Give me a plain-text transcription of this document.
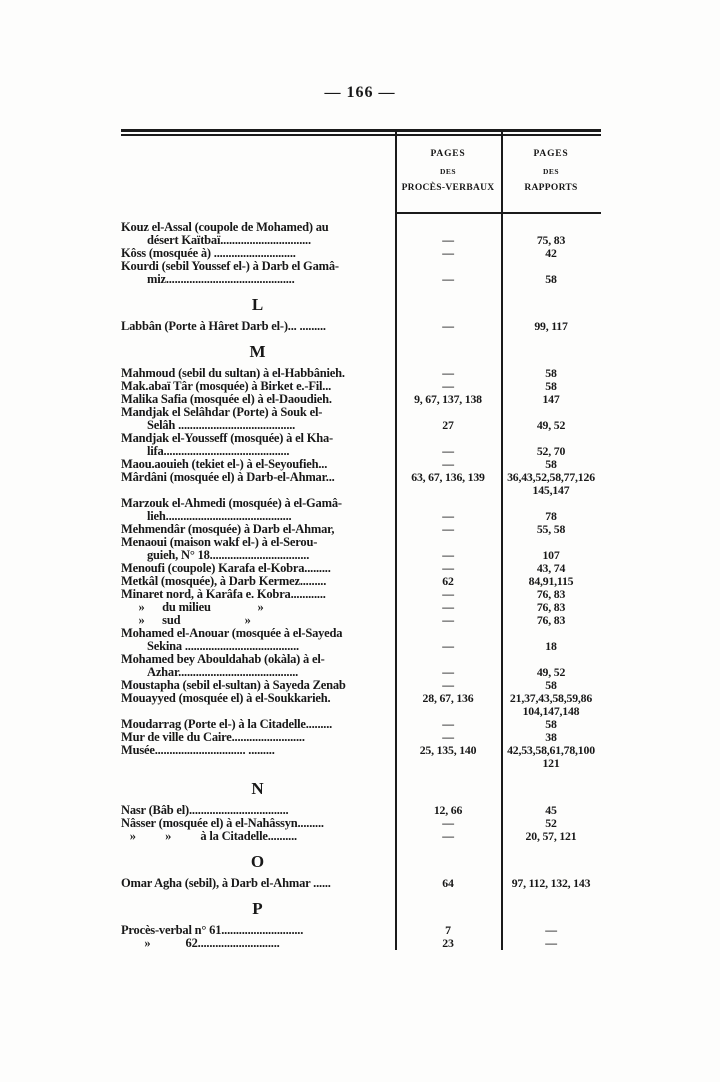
— 166 —
PAGES
DES
PROCÈS-VERBAUX
PAGES
DES
RAPPORTS
Kouz el-Assal (coupole de Mohamed) au
désert Kaïtbaï...............................	—	75, 83
Kôss (mosquée à) ............................	—	42
Kourdi (sebil Youssef el-) à Darb el Gamâ-
miz............................................	—	58
L
Labbân (Porte à Hâret Darb el-)... .........	—	99, 117
M
Mahmoud (sebil du sultan) à el-Habbânieh.	—	58
Mak.abaï Târ (mosquée) à Birket e.-Fil...	—	58
Malika Safia (mosquée el) à el-Daoudieh.	9, 67, 137, 138	147
Mandjak el Selâhdar (Porte) à Souk el-
Selâh ........................................	27	49, 52
Mandjak el-Yousseff (mosquée) à el Kha-
lifa...........................................	—	52, 70
Maou.aouieh (tekiet el-) à el-Seyoufieh...	—	58
Mârdâni (mosquée el) à Darb-el-Ahmar...	63, 67, 136, 139	36,43,52,58,77,126
145,147
Marzouk el-Ahmedi (mosquée) à el-Gamâ-
lieh...........................................	—	78
Mehmendâr (mosquée) à Darb el-Ahmar,	—	55, 58
Menaoui (maison wakf el-) à el-Serou-
guieh, N° 18..................................	—	107
Menoufi (coupole) Karafa el-Kobra.........	—	43, 74
Metkâl (mosquée), à Darb Kermez.........	62	84,91,115
Minaret nord, à Karâfa e. Kobra............	—	76, 83
»      du milieu                »	—	76, 83
»      sud                      »	—	76, 83
Mohamed el-Anouar (mosquée à el-Sayeda
Sekina .......................................	—	18
Mohamed bey Abouldahab (okàla) à el-
Azhar.........................................	—	49, 52
Moustapha (sebil el-sultan) à Sayeda Zenab	—	58
Mouayyed (mosquée el) à el-Soukkarieh.	28, 67, 136	21,37,43,58,59,86
104,147,148
Moudarrag (Porte el-) à la Citadelle.........	—	58
Mur de ville du Caire.........................	—	38
Musée............................... .........	25, 135, 140	42,53,58,61,78,100
121
N
Nasr (Bâb el)..................................	12, 66	45
Nâsser (mosquée el) à el-Nahâssyn.........	—	52
»          »          à la Citadelle..........	—	20, 57, 121
O
Omar Agha (sebil), à Darb el-Ahmar ......	64	97, 112, 132, 143
P
Procès-verbal n° 61............................	7	—
»            62............................	23	—
